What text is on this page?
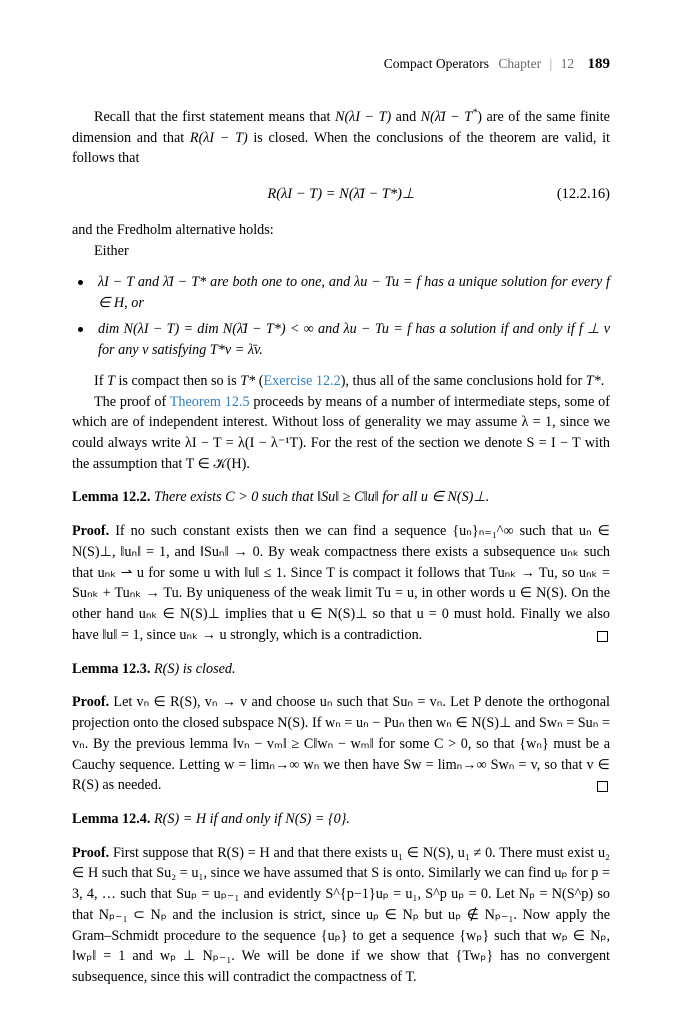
Compact Operators Chapter | 12 189

Recall that the first statement means that N(λI − T) and N(λ̄I − T*) are of the same finite dimension and that R(λI − T) is closed. When the conclusions of the theorem are valid, it follows that

R(λI − T) = N(λ̄I − T*)⊥	(12.2.16)

and the Fredholm alternative holds:

Either

λI − T and λ̄I − T* are both one to one, and λu − Tu = f has a unique solution for every f ∈ H, or
dim N(λI − T) = dim N(λ̄I − T*) < ∞ and λu − Tu = f has a solution if and only if f ⊥ v for any v satisfying T*v = λ̄v.

If T is compact then so is T* (Exercise 12.2), thus all of the same conclusions hold for T*.

The proof of Theorem 12.5 proceeds by means of a number of intermediate steps, some of which are of independent interest. Without loss of generality we may assume λ = 1, since we could always write λI − T = λ(I − λ⁻¹T). For the rest of the section we denote S = I − T with the assumption that T ∈ 𝒦(H).

Lemma 12.2. There exists C > 0 such that ‖Su‖ ≥ C‖u‖ for all u ∈ N(S)⊥.
Proof. If no such constant exists then we can find a sequence {uₙ}ₙ₌₁^∞ such that uₙ ∈ N(S)⊥, ‖uₙ‖ = 1, and ‖Suₙ‖ → 0. By weak compactness there exists a subsequence uₙₖ such that uₙₖ ⇀ u for some u with ‖u‖ ≤ 1. Since T is compact it follows that Tuₙₖ → Tu, so uₙₖ = Suₙₖ + Tuₙₖ → Tu. By uniqueness of the weak limit Tu = u, in other words u ∈ N(S). On the other hand uₙₖ ∈ N(S)⊥ implies that u ∈ N(S)⊥ so that u = 0 must hold. Finally we also have ‖u‖ = 1, since uₙₖ → u strongly, which is a contradiction.
Lemma 12.3. R(S) is closed.
Proof. Let vₙ ∈ R(S), vₙ → v and choose uₙ such that Suₙ = vₙ. Let P denote the orthogonal projection onto the closed subspace N(S). If wₙ = uₙ − Puₙ then wₙ ∈ N(S)⊥ and Swₙ = Suₙ = vₙ. By the previous lemma ‖vₙ − vₘ‖ ≥ C‖wₙ − wₘ‖ for some C > 0, so that {wₙ} must be a Cauchy sequence. Letting w = limₙ→∞ wₙ we then have Sw = limₙ→∞ Swₙ = v, so that v ∈ R(S) as needed.
Lemma 12.4. R(S) = H if and only if N(S) = {0}.
Proof. First suppose that R(S) = H and that there exists u₁ ∈ N(S), u₁ ≠ 0. There must exist u₂ ∈ H such that Su₂ = u₁, since we have assumed that S is onto. Similarly we can find uₚ for p = 3, 4, … such that Suₚ = uₚ₋₁ and evidently S^{p−1}uₚ = u₁, S^p uₚ = 0. Let Nₚ = N(S^p) so that Nₚ₋₁ ⊂ Nₚ and the inclusion is strict, since uₚ ∈ Nₚ but uₚ ∉ Nₚ₋₁. Now apply the Gram–Schmidt procedure to the sequence {uₚ} to get a sequence {wₚ} such that wₚ ∈ Nₚ, ‖wₚ‖ = 1 and wₚ ⊥ Nₚ₋₁. We will be done if we show that {Twₚ} has no convergent subsequence, since this will contradict the compactness of T.
